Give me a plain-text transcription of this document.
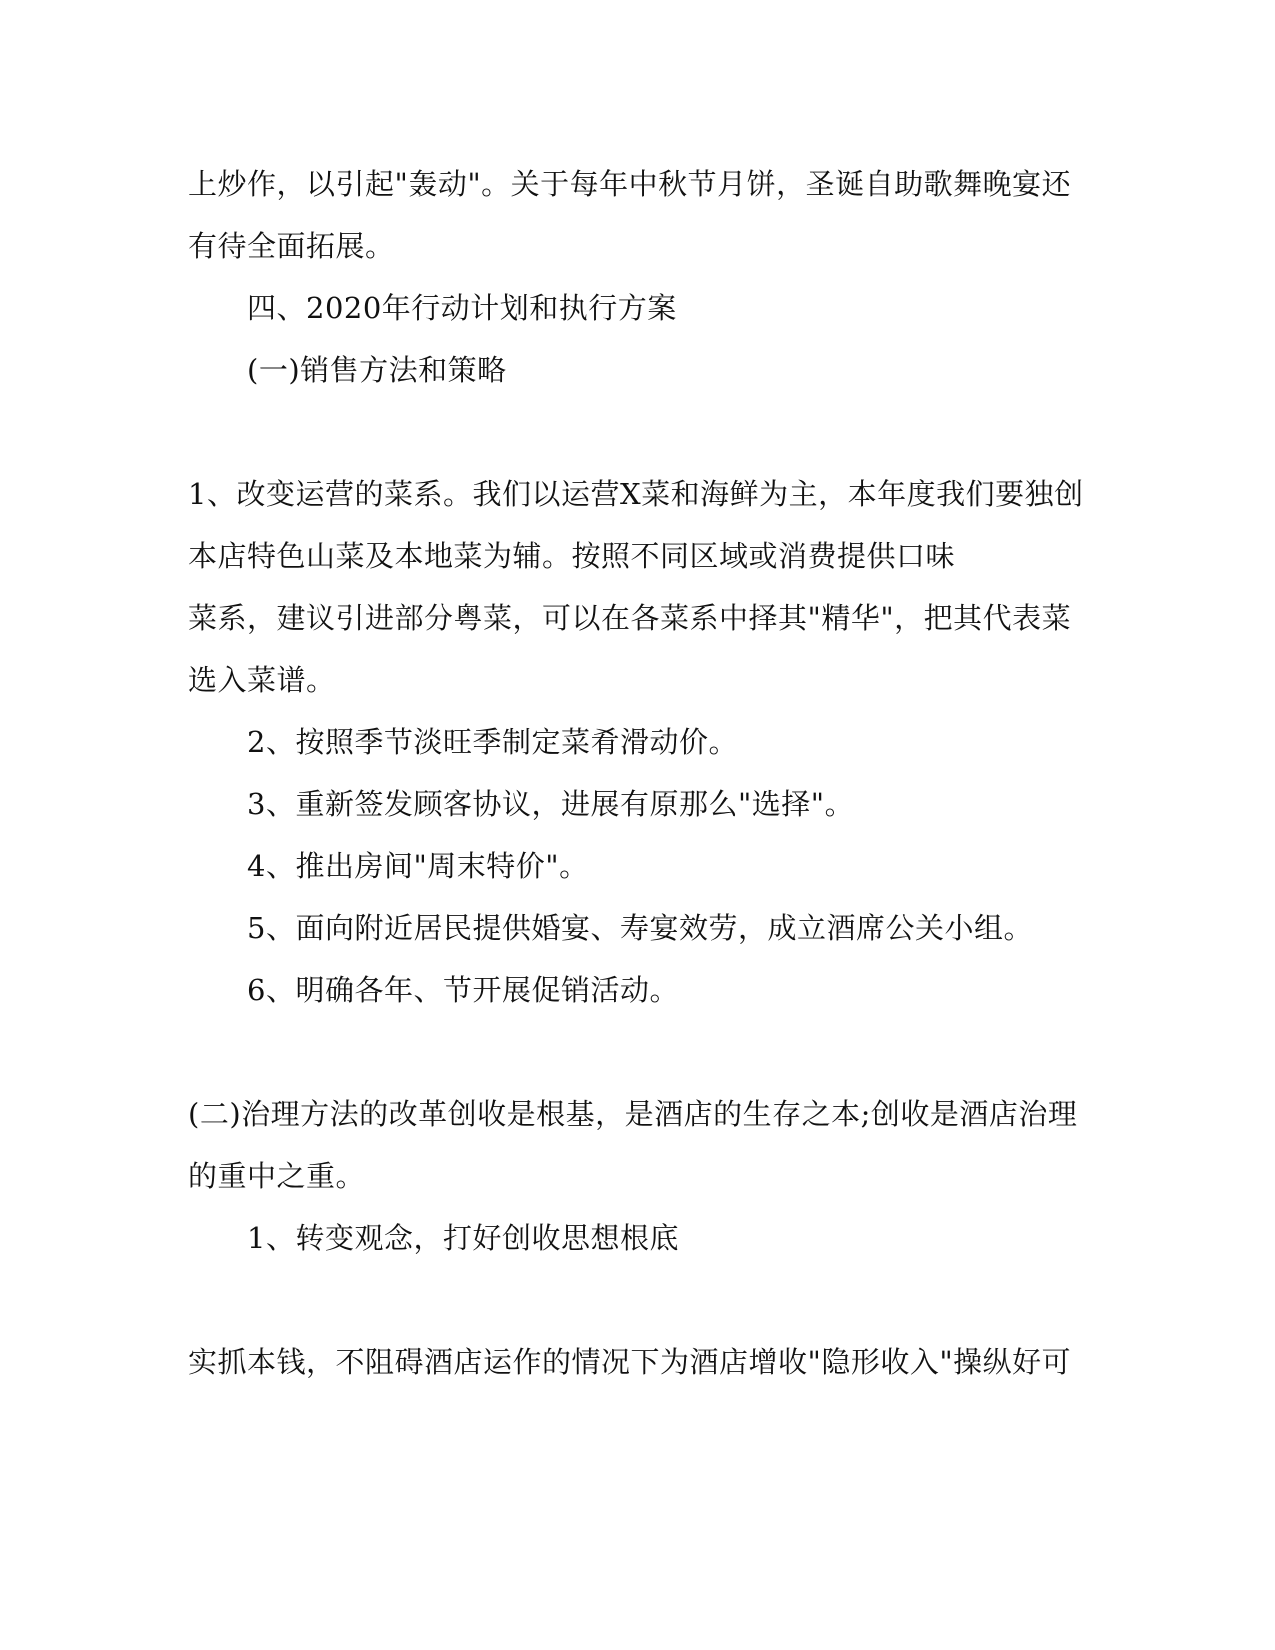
上炒作，以引起"轰动"。关于每年中秋节月饼，圣诞自助歌舞晚宴还
有待全面拓展。
四、2020年行动计划和执行方案
(一)销售方法和策略
1、改变运营的菜系。我们以运营X菜和海鲜为主，本年度我们要独创
本店特色山菜及本地菜为辅。按照不同区域或消费提供口味
菜系，建议引进部分粤菜，可以在各菜系中择其"精华"，把其代表菜
选入菜谱。
2、按照季节淡旺季制定菜肴滑动价。
3、重新签发顾客协议，进展有原那么"选择"。
4、推出房间"周末特价"。
5、面向附近居民提供婚宴、寿宴效劳，成立酒席公关小组。
6、明确各年、节开展促销活动。
(二)治理方法的改革创收是根基，是酒店的生存之本;创收是酒店治理
的重中之重。
1、转变观念，打好创收思想根底
实抓本钱，不阻碍酒店运作的情况下为酒店增收"隐形收入"操纵好可
